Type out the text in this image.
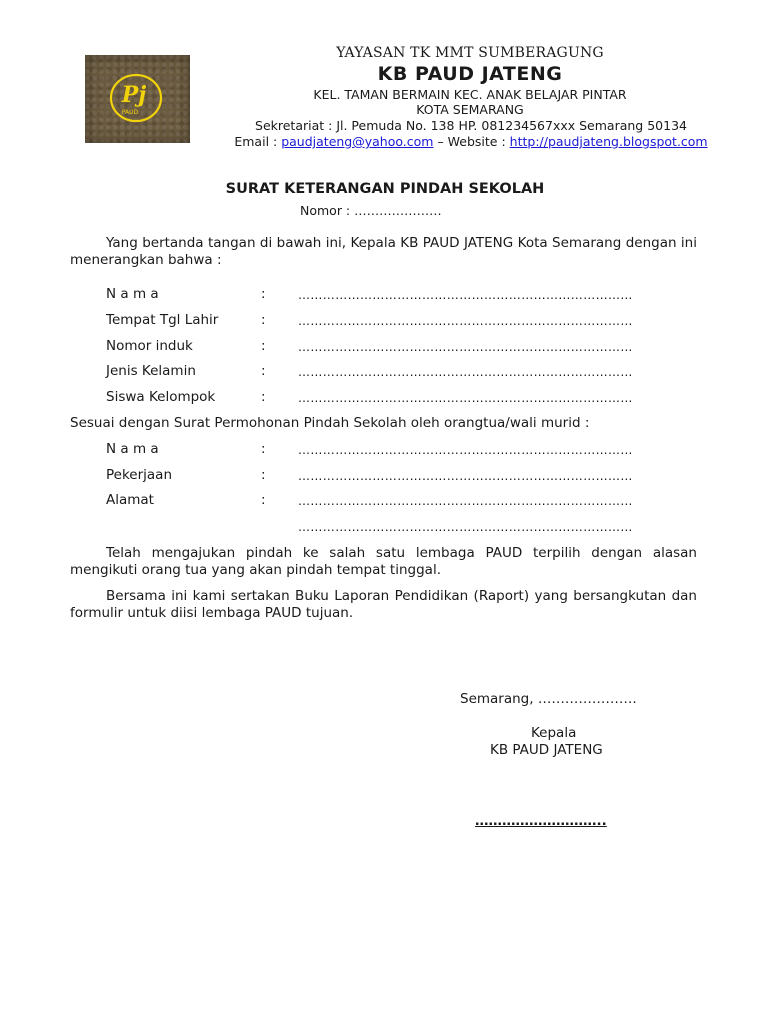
Pj
PAUD
YAYASAN TK MMT SUMBERAGUNG
KB PAUD JATENG
KEL. TAMAN BERMAIN KEC. ANAK BELAJAR PINTAR
KOTA SEMARANG
Sekretariat : Jl. Pemuda No. 138 HP. 081234567xxx Semarang 50134
Email : paudjateng@yahoo.com – Website : http://paudjateng.blogspot.com
SURAT KETERANGAN PINDAH SEKOLAH
Nomor : …………………
Yang bertanda tangan di bawah ini, Kepala KB PAUD JATENG Kota Semarang dengan ini menerangkan bahwa :
N a m a	:	………………………………………………………………………
Tempat Tgl Lahir	:	………………………………………………………………………
Nomor induk	:	………………………………………………………………………
Jenis Kelamin	:	………………………………………………………………………
Siswa Kelompok	:	………………………………………………………………………
Sesuai dengan Surat Permohonan Pindah Sekolah oleh orangtua/wali murid :
N a m a	:	………………………………………………………………………
Pekerjaan	:	………………………………………………………………………
Alamat	:	………………………………………………………………………
………………………………………………………………………
Telah mengajukan pindah ke salah satu lembaga PAUD terpilih dengan alasan mengikuti orang tua yang akan pindah tempat tinggal.
Bersama ini kami sertakan Buku Laporan Pendidikan (Raport) yang bersangkutan dan formulir untuk diisi lembaga PAUD tujuan.
Semarang, ………………….
Kepala
KB PAUD JATENG
………………………..
